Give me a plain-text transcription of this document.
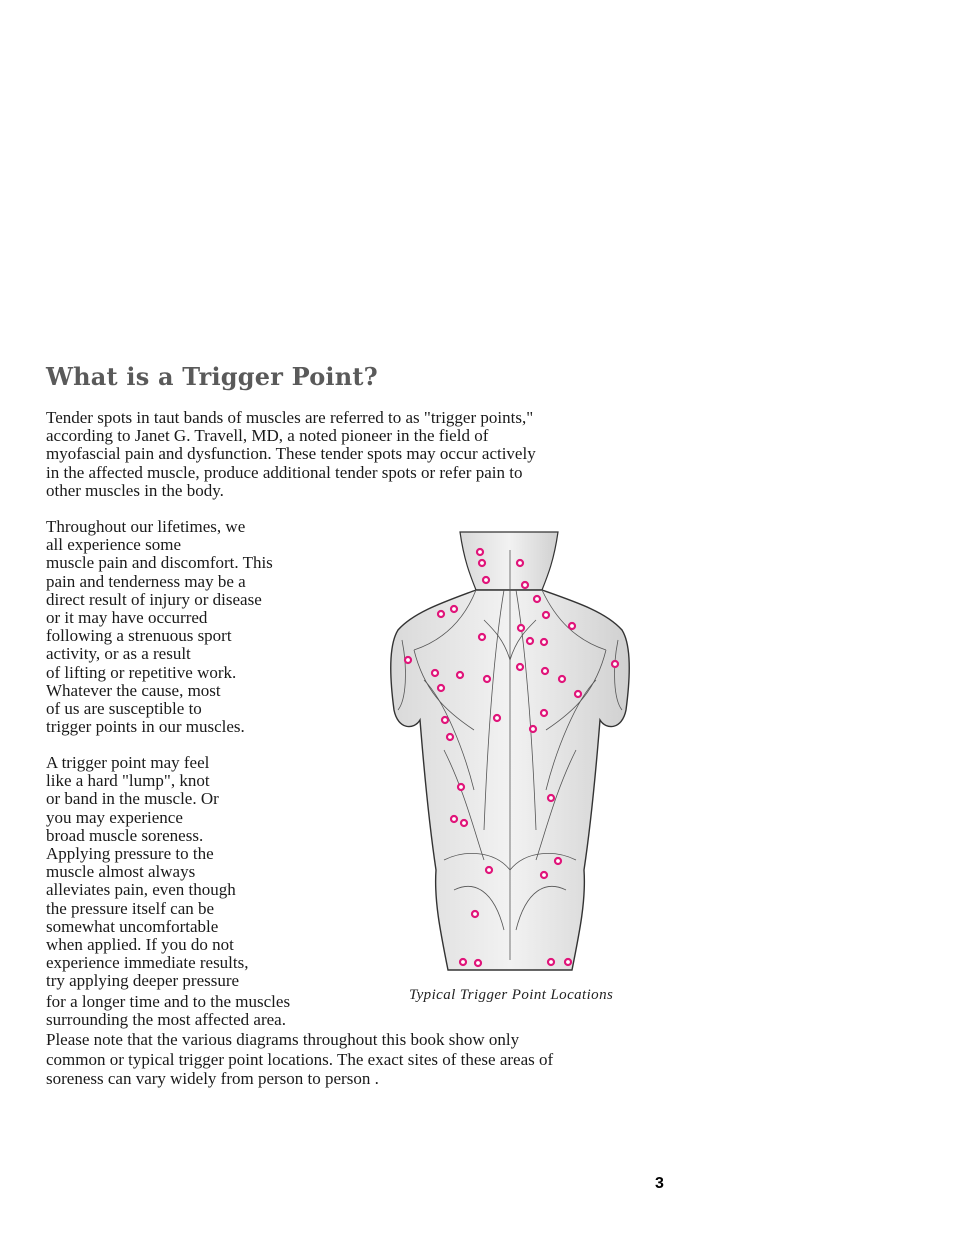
What is a Trigger Point?

Tender spots in taut bands of muscles are referred to as "trigger points,"
according to Janet G. Travell, MD, a noted pioneer in the field of
myofascial pain and dysfunction. These tender spots may occur actively
in the affected muscle, produce additional tender spots or refer pain to
other muscles in the body.

Throughout our lifetimes, we
all experience some
muscle pain and discomfort. This
pain and tenderness may be a
direct result of injury or disease
or it may have occurred
following a strenuous sport
activity, or as a result
of lifting or repetitive work.
Whatever the cause, most
of us are susceptible to
trigger points in our muscles.

A trigger point may feel
like a hard "lump", knot
or band in the muscle. Or
you may experience
broad muscle soreness.
Applying pressure to the
muscle almost always
alleviates pain, even though
the pressure itself can be
somewhat uncomfortable
when applied. If you do not
experience immediate results,
try applying deeper pressure

for a longer time and to the muscles
surrounding the most affected area.

Please note that the various diagrams throughout this book show only
common or typical trigger point locations. The exact sites of these areas of
soreness can vary widely from person to person .

Typical Trigger Point Locations

3
